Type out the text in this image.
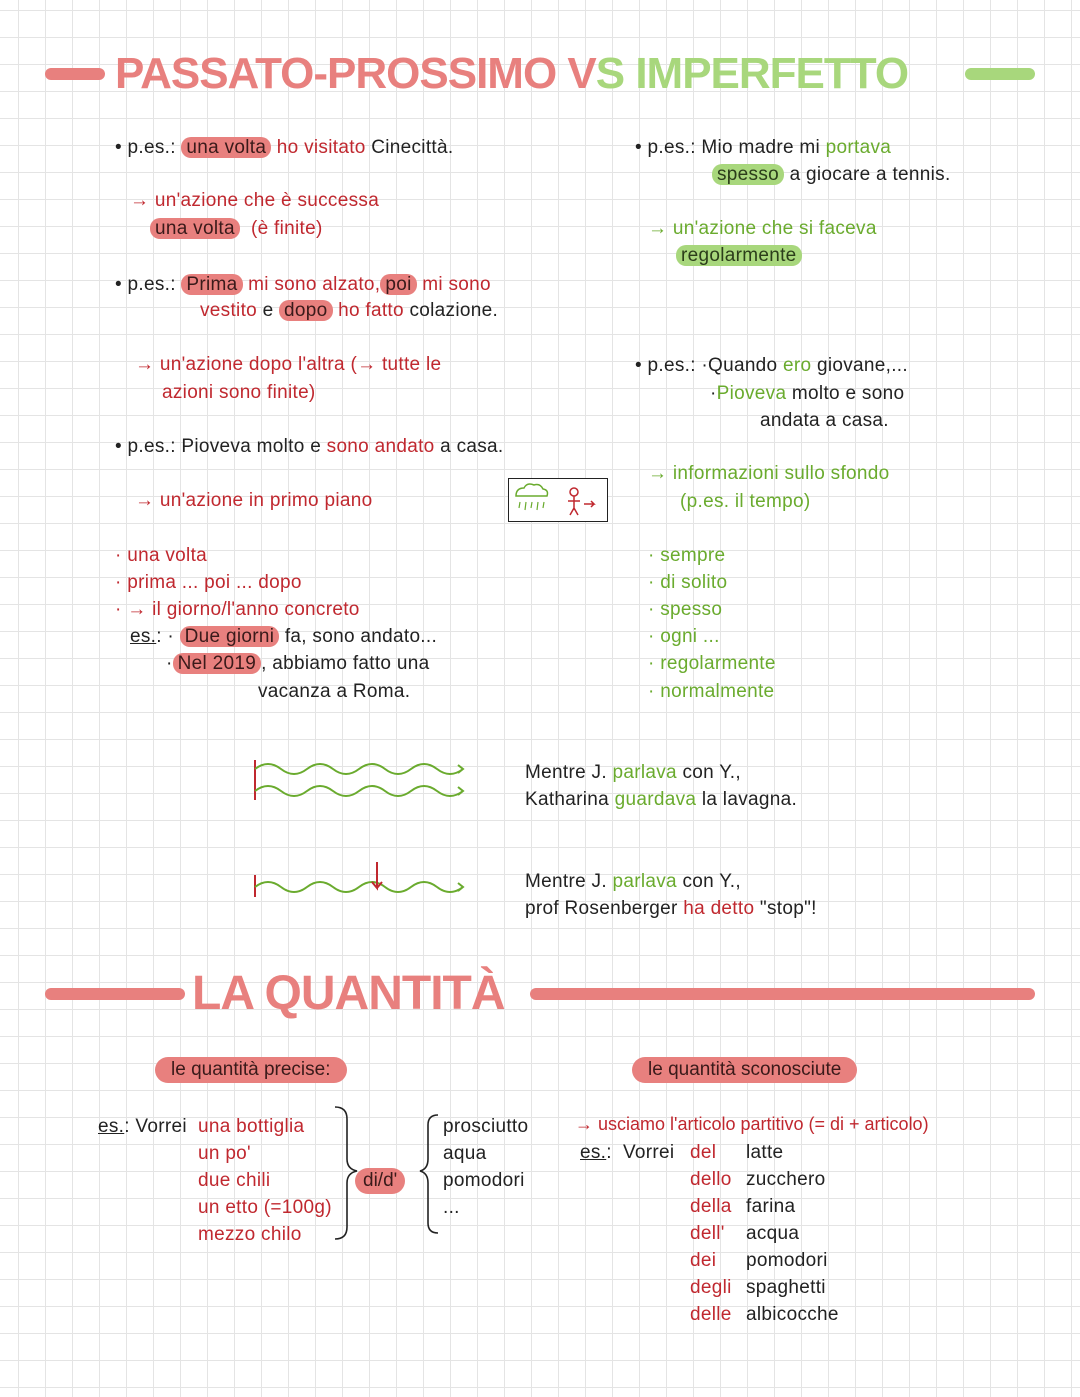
PASSATO-PROSSIMO VS IMPERFETTO
• p.es.: una volta ho visitato Cinecittà.
→ un'azione che è successa
una volta  (è finite)
• p.es.: Prima mi sono alzato, poi mi sono
vestito e dopo ho fatto colazione.
→ un'azione dopo l'altra (→ tutte le
azioni sono finite)
• p.es.: Pioveva molto e sono andato a casa.
→ un'azione in primo piano
· una volta
· prima ... poi ... dopo
· → il giorno/l'anno concreto
es.: · Due giorni fa, sono andato...
· Nel 2019 , abbiamo fatto una
vacanza a Roma.
• p.es.: Mio madre mi portava
spesso a giocare a tennis.
→ un'azione che si faceva
regolarmente
• p.es.: ·Quando ero giovane,...
·Pioveva molto e sono
andata a casa.
→ informazioni sullo sfondo
(p.es. il tempo)
· sempre
· di solito
· spesso
· ogni ...
· regolarmente
· normalmente
Mentre J. parlava con Y.,
Katharina guardava la lavagna.
Mentre J. parlava con Y.,
prof Rosenberger ha detto "stop"!
LA QUANTITÀ
le quantità precise:	le quantità sconosciute
es.: Vorrei
di/d'
→ usciamo l'articolo partitivo (= di + articolo)
es.:  Vorrei
una bottiglia
un po'
due chili
un etto (=100g)
mezzo chilo
prosciutto
aqua
pomodori
...
del latte
dello zucchero
della farina
dell' acqua
dei pomodori
degli spaghetti
delle albicocche
